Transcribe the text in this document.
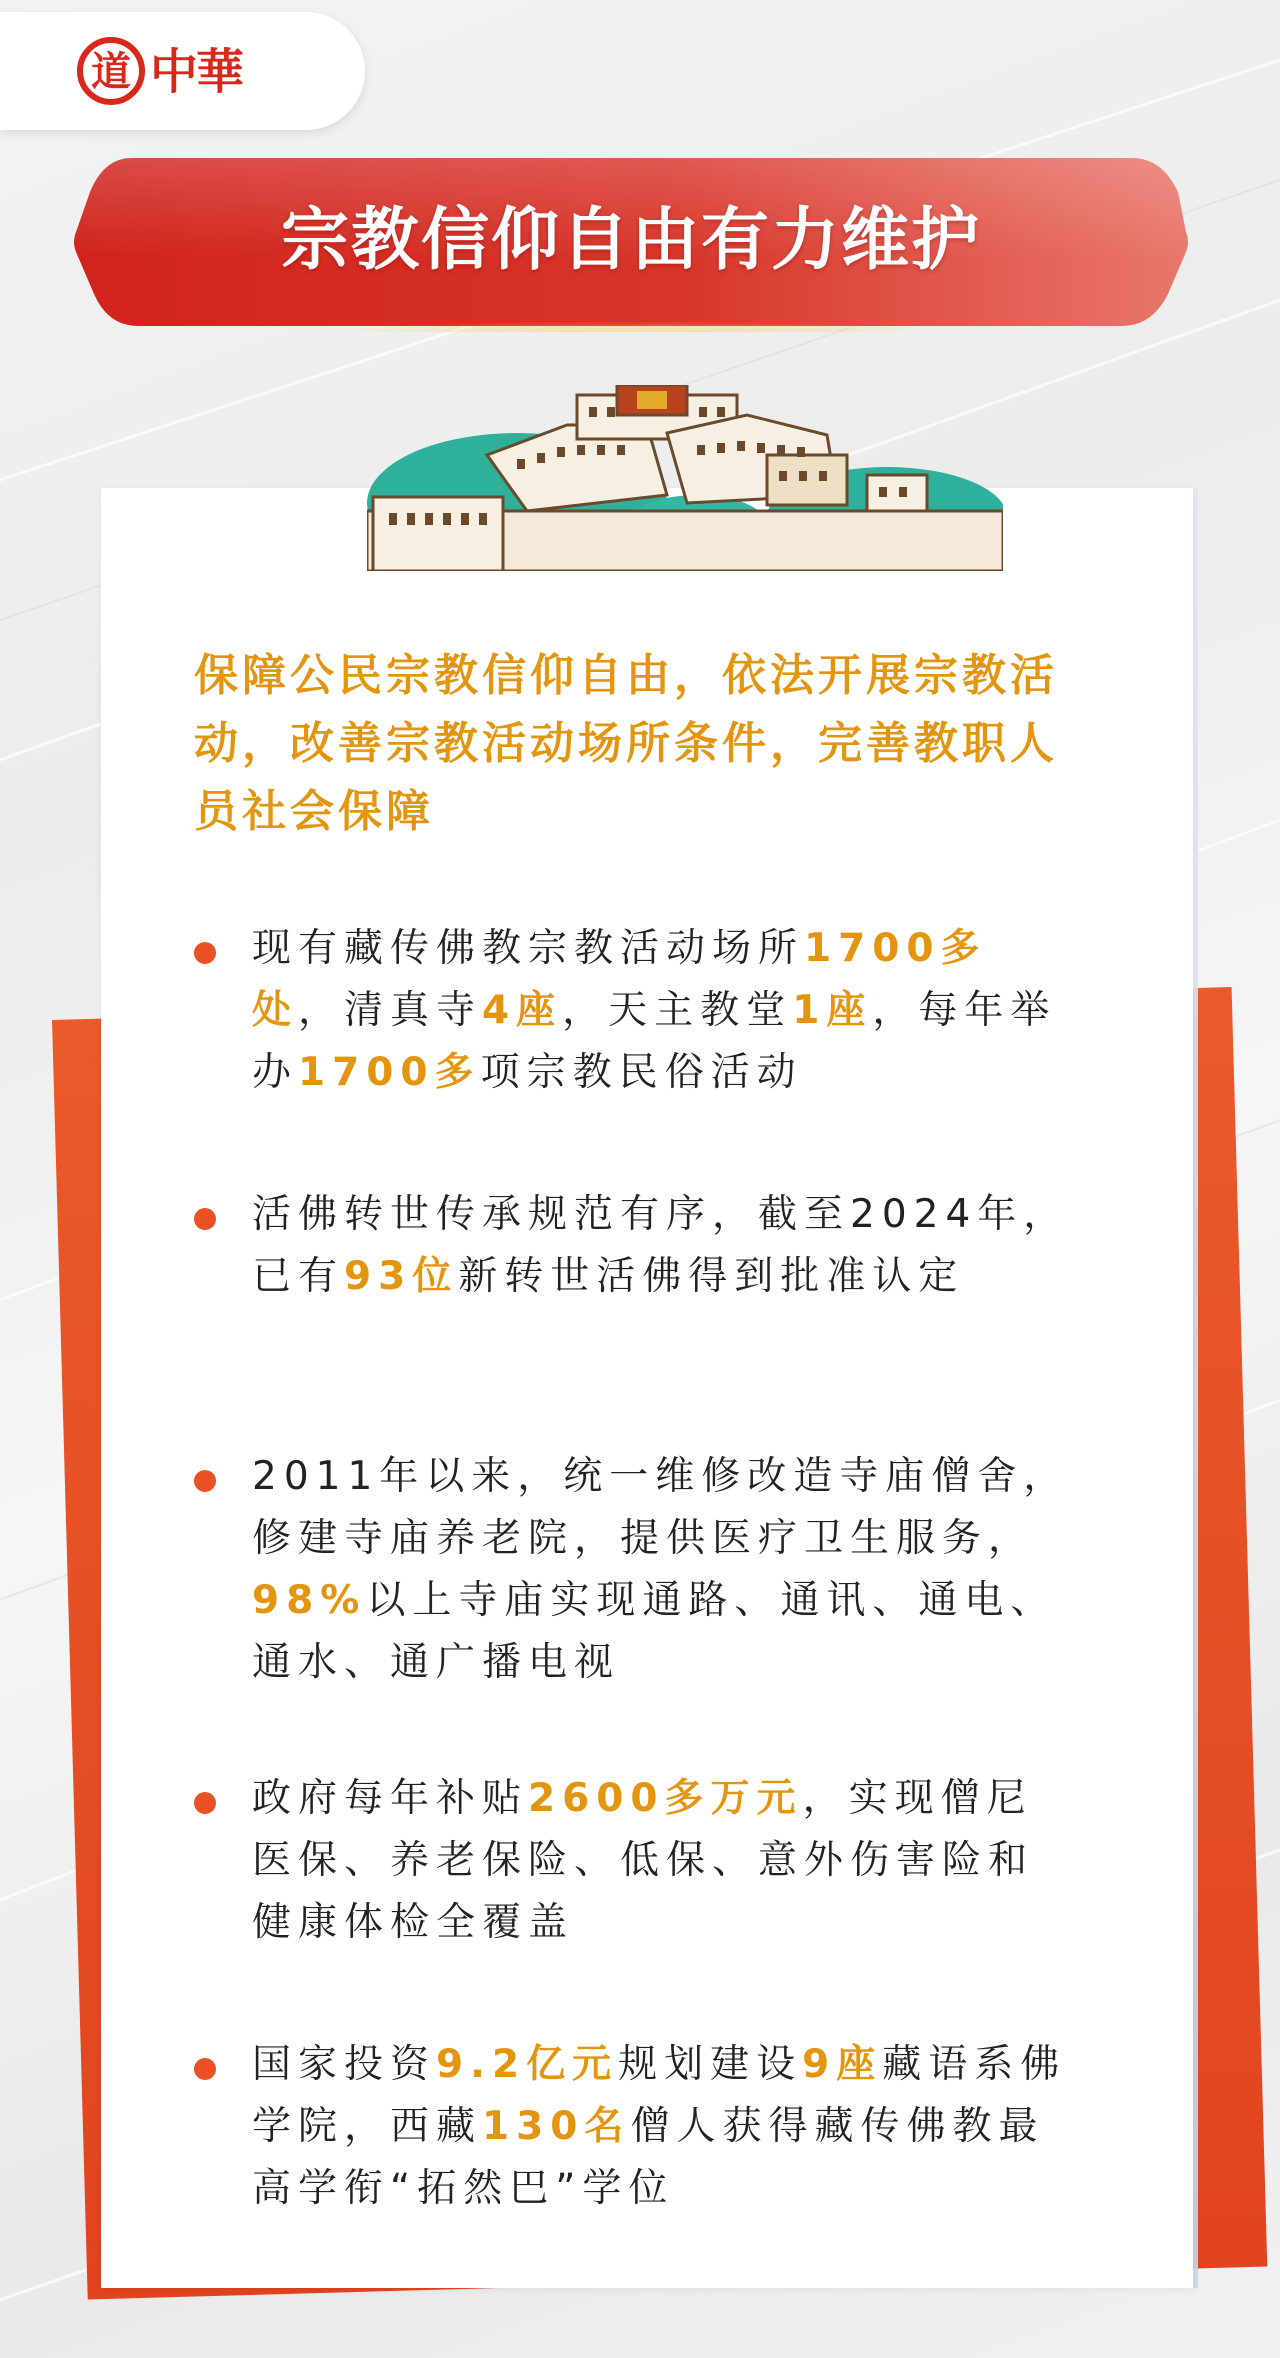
道 中華
宗教信仰自由有力维护
保障公民宗教信仰自由，依法开展宗教活动，改善宗教活动场所条件，完善教职人员社会保障
现有藏传佛教宗教活动场所1700多处，清真寺4座，天主教堂1座，每年举办1700多项宗教民俗活动
活佛转世传承规范有序，截至2024年，已有93位新转世活佛得到批准认定
2011年以来，统一维修改造寺庙僧舍，修建寺庙养老院，提供医疗卫生服务，98%以上寺庙实现通路、通讯、通电、通水、通广播电视
政府每年补贴2600多万元，实现僧尼医保、养老保险、低保、意外伤害险和健康体检全覆盖
国家投资9.2亿元规划建设9座藏语系佛学院，西藏130名僧人获得藏传佛教最高学衔“拓然巴”学位
